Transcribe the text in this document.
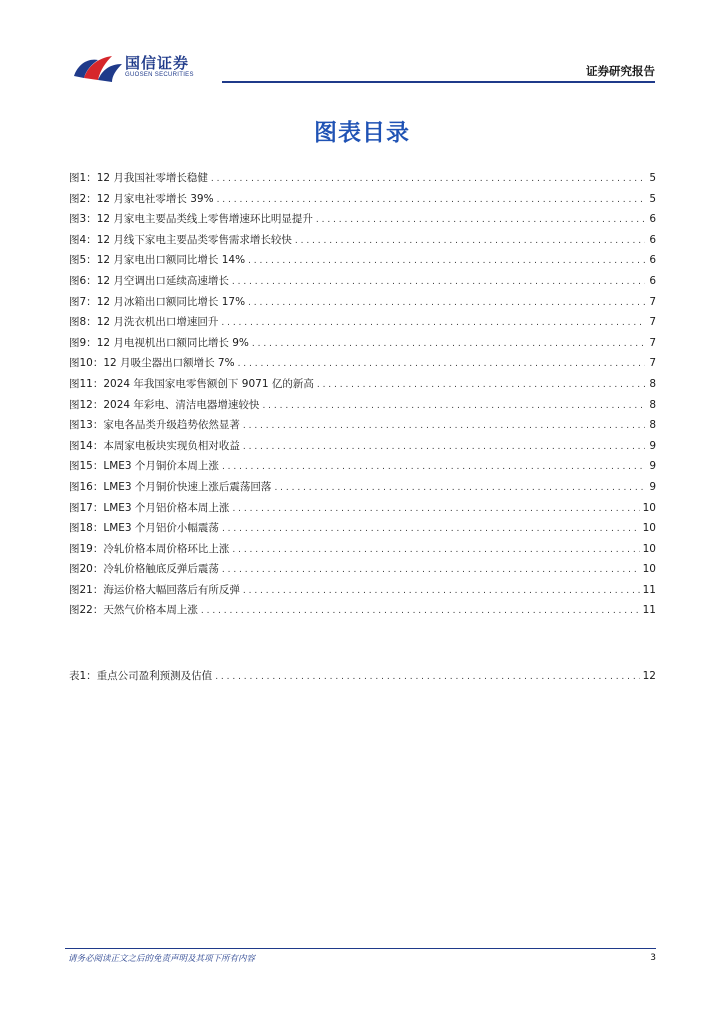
国信证券
GUOSEN SECURITIES	证券研究报告
图表目录
图1： 12 月我国社零增长稳健 . . .	5
图2： 12 月家电社零增长 39% . . .	5
图3： 12 月家电主要品类线上零售增速环比明显提升 . . .	6
图4： 12 月线下家电主要品类零售需求增长较快 . . .	6
图5： 12 月家电出口额同比增长 14% . . .	6
图6： 12 月空调出口延续高速增长 . . .	6
图7： 12 月冰箱出口额同比增长 17% . . .	7
图8： 12 月洗衣机出口增速回升 . . .	7
图9： 12 月电视机出口额同比增长 9% . . .	7
图10： 12 月吸尘器出口额增长 7% . . .	7
图11： 2024 年我国家电零售额创下 9071 亿的新高 . . .	8
图12： 2024 年彩电、清洁电器增速较快 . . .	8
图13： 家电各品类升级趋势依然显著 . . .	8
图14： 本周家电板块实现负相对收益 . . .	9
图15： LME3 个月铜价本周上涨 . . .	9
图16： LME3 个月铜价快速上涨后震荡回落 . . .	9
图17： LME3 个月铝价格本周上涨 . . .	10
图18： LME3 个月铝价小幅震荡 . . .	10
图19： 冷轧价格本周价格环比上涨 . . .	10
图20： 冷轧价格触底反弹后震荡 . . .	10
图21： 海运价格大幅回落后有所反弹 . . .	11
图22： 天然气价格本周上涨 . . .	11
表1： 重点公司盈利预测及估值 . . .	12
请务必阅读正文之后的免责声明及其项下所有内容	3
